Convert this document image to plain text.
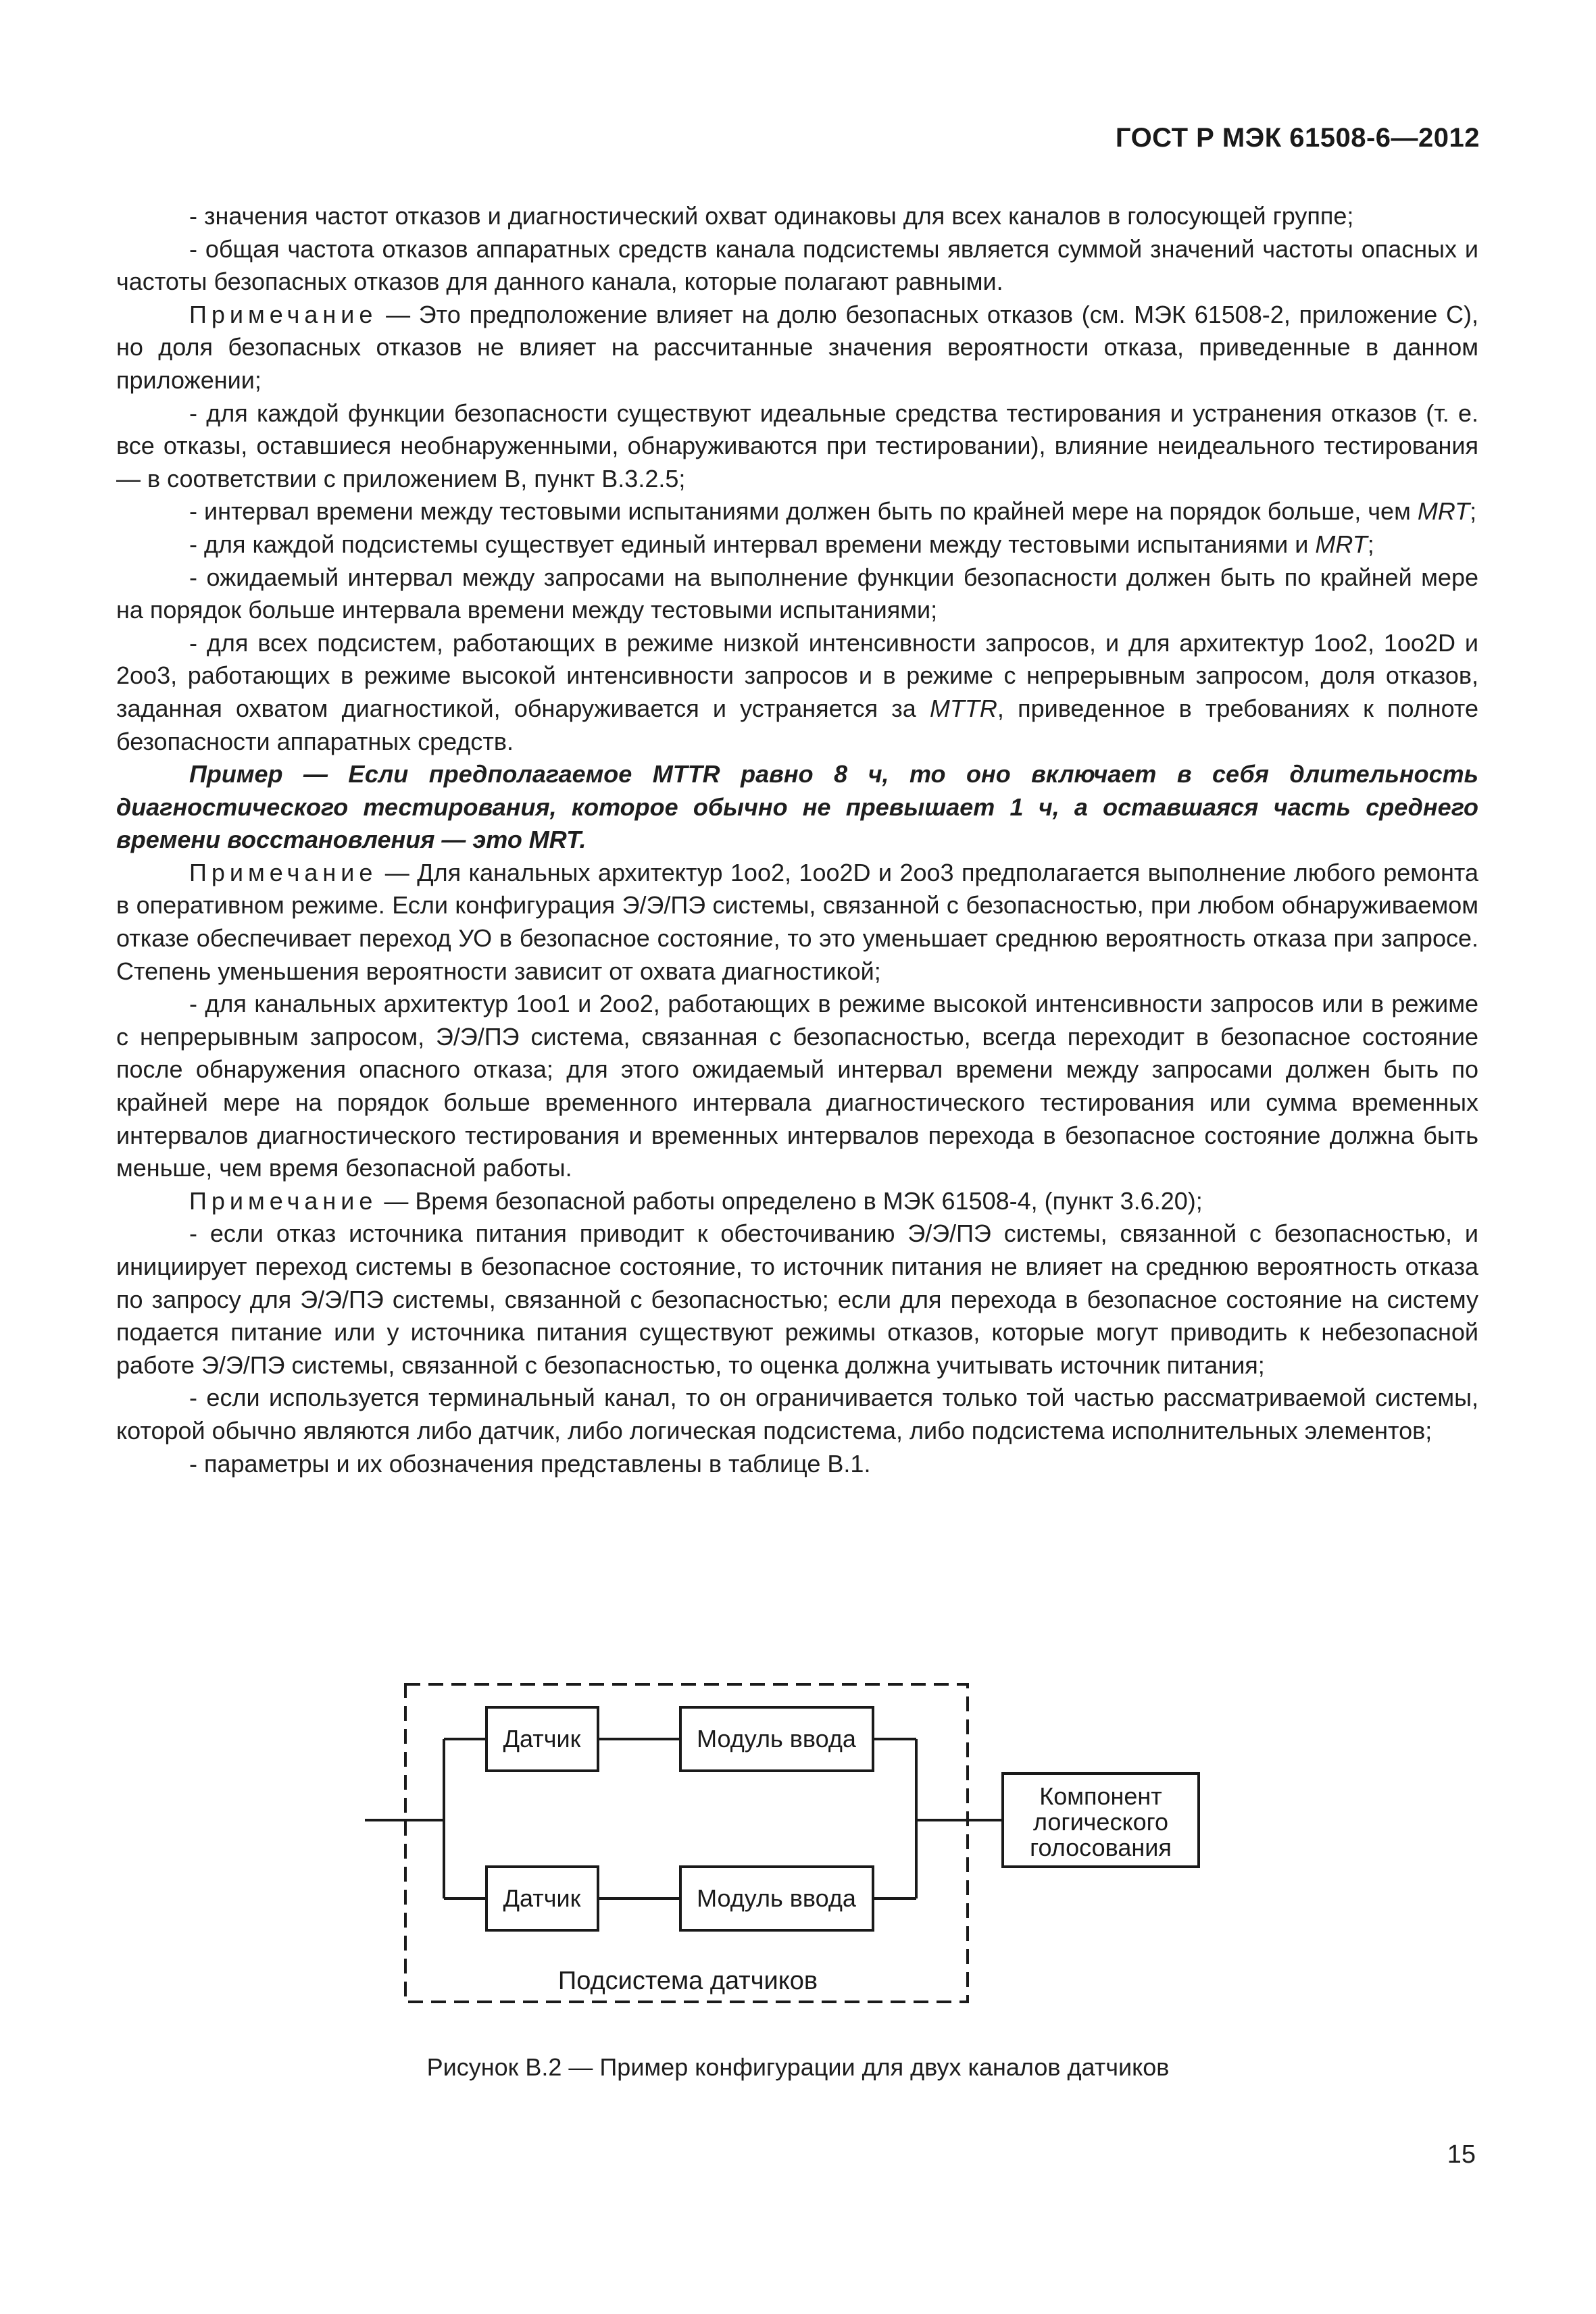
ГОСТ Р МЭК 61508-6—2012

- значения частот отказов и диагностический охват одинаковы для всех каналов в голосующей группе;

- общая частота отказов аппаратных средств канала подсистемы является суммой значений частоты опасных и частоты безопасных отказов для данного канала, которые полагают равными.

Примечание — Это предположение влияет на долю безопасных отказов (см. МЭК 61508-2, приложение С), но доля безопасных отказов не влияет на рассчитанные значения вероятности отказа, приведенные в данном приложении;

- для каждой функции безопасности существуют идеальные средства тестирования и устранения отказов (т. е. все отказы, оставшиеся необнаруженными, обнаруживаются при тестировании), влияние неидеального тестирования — в соответствии с приложением В, пункт В.3.2.5;

- интервал времени между тестовыми испытаниями должен быть по крайней мере на порядок больше, чем MRT;

- для каждой подсистемы существует единый интервал времени между тестовыми испытаниями и MRT;

- ожидаемый интервал между запросами на выполнение функции безопасности должен быть по крайней мере на порядок больше интервала времени между тестовыми испытаниями;

- для всех подсистем, работающих в режиме низкой интенсивности запросов, и для архитектур 1оо2, 1оо2D и 2оо3, работающих в режиме высокой интенсивности запросов и в режиме с непрерывным запросом, доля отказов, заданная охватом диагностикой, обнаруживается и устраняется за MTTR, приведенное в требованиях к полноте безопасности аппаратных средств.

Пример — Если предполагаемое MTTR равно 8 ч, то оно включает в себя длительность диагностического тестирования, которое обычно не превышает 1 ч, а оставшаяся часть среднего времени восстановления — это MRT.

Примечание — Для канальных архитектур 1оо2, 1оо2D и 2оо3 предполагается выполнение любого ремонта в оперативном режиме. Если конфигурация Э/Э/ПЭ системы, связанной с безопасностью, при любом обнаруживаемом отказе обеспечивает переход УО в безопасное состояние, то это уменьшает среднюю вероятность отказа при запросе. Степень уменьшения вероятности зависит от охвата диагностикой;

- для канальных архитектур 1оо1 и 2оо2, работающих в режиме высокой интенсивности запросов или в режиме с непрерывным запросом, Э/Э/ПЭ система, связанная с безопасностью, всегда переходит в безопасное состояние после обнаружения опасного отказа; для этого ожидаемый интервал времени между запросами должен быть по крайней мере на порядок больше временного интервала диагностического тестирования или сумма временных интервалов диагностического тестирования и временных интервалов перехода в безопасное состояние должна быть меньше, чем время безопасной работы.

Примечание — Время безопасной работы определено в МЭК 61508-4, (пункт 3.6.20);

- если отказ источника питания приводит к обесточиванию Э/Э/ПЭ системы, связанной с безопасностью, и инициирует переход системы в безопасное состояние, то источник питания не влияет на среднюю вероятность отказа по запросу для Э/Э/ПЭ системы, связанной с безопасностью; если для перехода в безопасное состояние на систему подается питание или у источника питания существуют режимы отказов, которые могут приводить к небезопасной работе Э/Э/ПЭ системы, связанной с безопасностью, то оценка должна учитывать источник питания;

- если используется терминальный канал, то он ограничивается только той частью рассматриваемой системы, которой обычно являются либо датчик, либо логическая подсистема, либо подсистема исполнительных элементов;

- параметры и их обозначения представлены в таблице В.1.

Датчик	Модуль ввода
Датчик	Модуль ввода
Компонент
логического
голосования
Подсистема датчиков
Рисунок В.2 — Пример конфигурации для двух каналов датчиков
15
